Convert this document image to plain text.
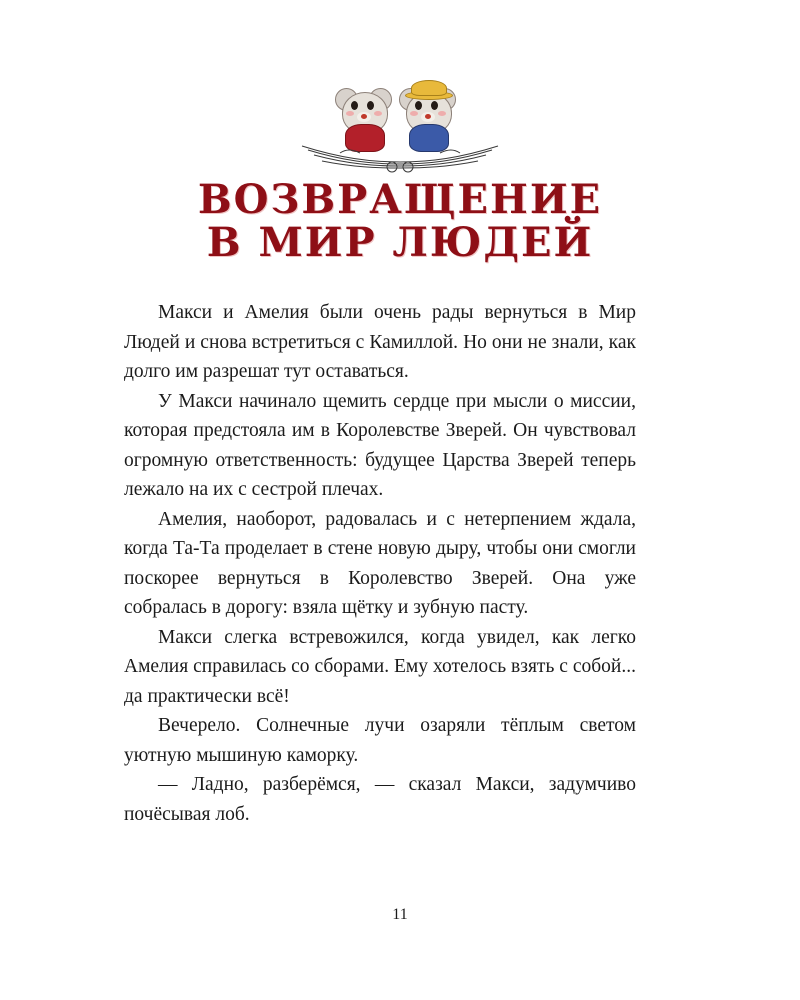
ВОЗВРАЩЕНИЕ
В МИР ЛЮДЕЙ

Макси и Амелия были очень рады вернуться в Мир Людей и снова встретиться с Камиллой. Но они не знали, как долго им разрешат тут оставаться.

У Макси начинало щемить сердце при мысли о миссии, которая предстояла им в Королевстве Зверей. Он чувствовал огромную ответственность: будущее Царства Зверей теперь лежало на их с сестрой плечах.

Амелия, наоборот, радовалась и с нетерпением ждала, когда Та-Та проделает в стене новую дыру, чтобы они смогли поскорее вернуться в Королевство Зверей. Она уже собралась в дорогу: взяла щётку и зубную пасту.

Макси слегка встревожился, когда увидел, как легко Амелия справилась со сборами. Ему хотелось взять с собой... да практически всё!

Вечерело. Солнечные лучи озаряли тёплым светом уютную мышиную каморку.

— Ладно, разберёмся, — сказал Макси, задумчиво почёсывая лоб.

11
